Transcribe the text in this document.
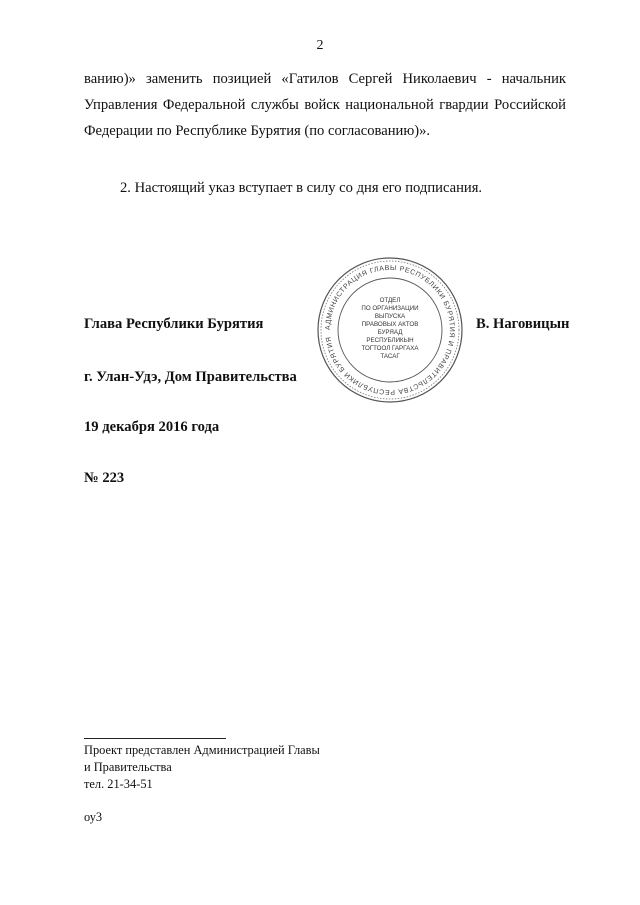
2

ванию)» заменить позицией «Гатилов Сергей Николаевич - начальник Управления Федеральной службы войск национальной гвардии Российской Федерации по Республике Бурятия (по согласованию)».

2. Настоящий указ вступает в силу со дня его подписания.

Глава Республики Бурятия	В. Наговицын
АДМИНИСТРАЦИЯ ГЛАВЫ РЕСПУБЛИКИ БУРЯТИЯ И ПРАВИТЕЛЬСТВА РЕСПУБЛИКИ БУРЯТИЯ
ОТДЕЛ
ПО ОРГАНИЗАЦИИ
ВЫПУСКА
ПРАВОВЫХ АКТОВ
БУРЯАД
РЕСПУБЛИКЫН
ТОГТООЛ ГАРГАХА
ТАСАГ
г. Улан-Удэ, Дом Правительства
19 декабря 2016 года
№ 223
Проект представлен Администрацией Главы
и Правительства
тел. 21-34-51
оу3
